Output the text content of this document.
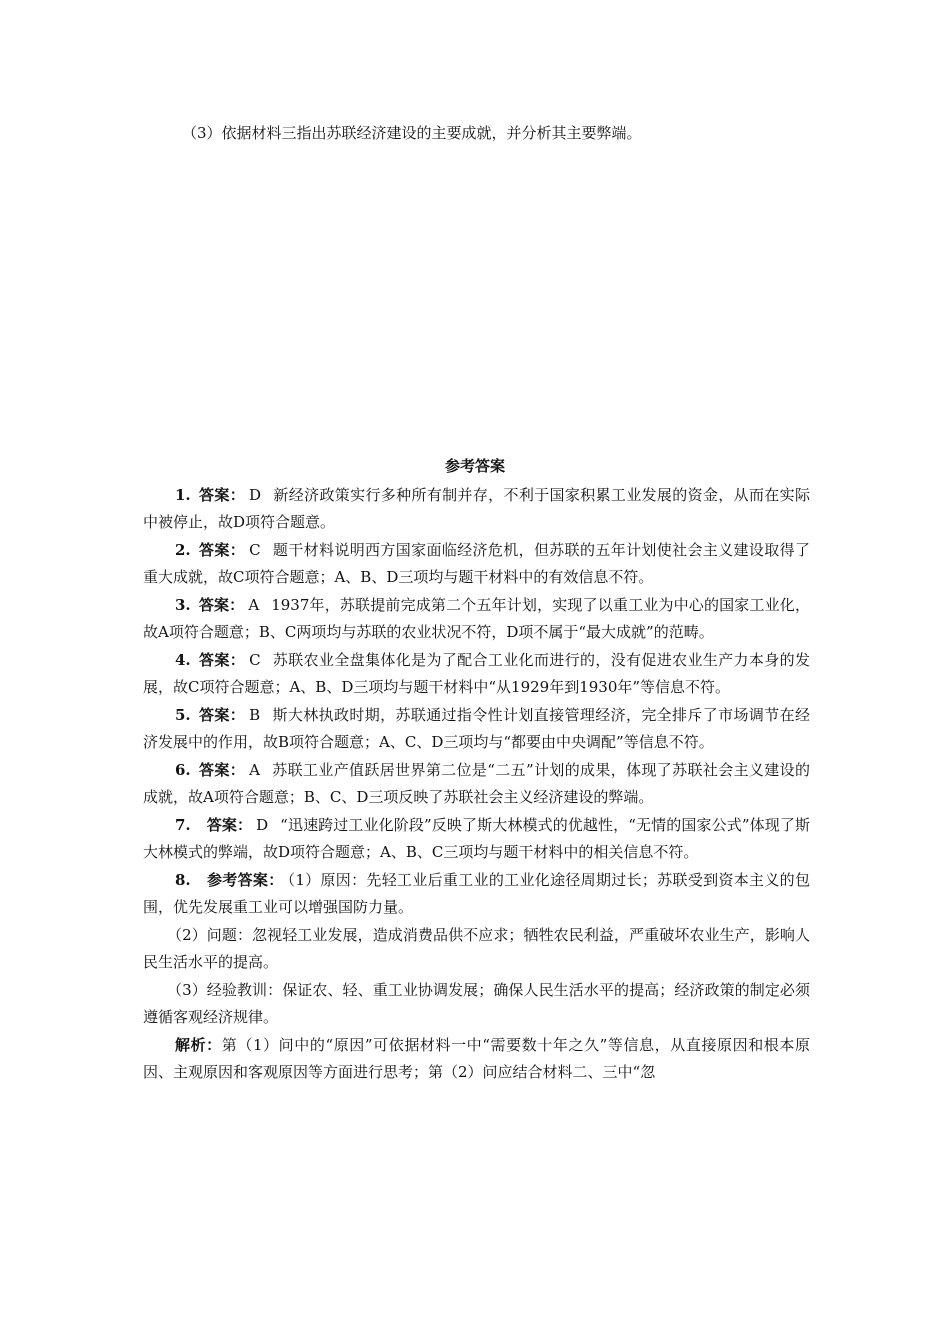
（3）依据材料三指出苏联经济建设的主要成就，并分析其主要弊端。

参考答案

1. 答案： D 新经济政策实行多种所有制并存，不利于国家积累工业发展的资金，从而在实际中被停止，故D项符合题意。

2. 答案： C 题干材料说明西方国家面临经济危机，但苏联的五年计划使社会主义建设取得了重大成就，故C项符合题意；A、B、D三项均与题干材料中的有效信息不符。

3. 答案： A 1937年，苏联提前完成第二个五年计划，实现了以重工业为中心的国家工业化，故A项符合题意；B、C两项均与苏联的农业状况不符，D项不属于“最大成就”的范畴。

4. 答案： C 苏联农业全盘集体化是为了配合工业化而进行的，没有促进农业生产力本身的发展，故C项符合题意；A、B、D三项均与题干材料中“从1929年到1930年”等信息不符。

5. 答案： B 斯大林执政时期，苏联通过指令性计划直接管理经济，完全排斥了市场调节在经济发展中的作用，故B项符合题意；A、C、D三项均与“都要由中央调配”等信息不符。

6. 答案： A 苏联工业产值跃居世界第二位是“二五”计划的成果，体现了苏联社会主义建设的成就，故A项符合题意；B、C、D三项反映了苏联社会主义经济建设的弊端。

7. 答案： D “迅速跨过工业化阶段”反映了斯大林模式的优越性，“无情的国家公式”体现了斯大林模式的弊端，故D项符合题意；A、B、C三项均与题干材料中的相关信息不符。

8. 参考答案： （1）原因：先轻工业后重工业的工业化途径周期过长；苏联受到资本主义的包围，优先发展重工业可以增强国防力量。

（2）问题：忽视轻工业发展，造成消费品供不应求；牺牲农民利益，严重破坏农业生产，影响人民生活水平的提高。

（3）经验教训：保证农、轻、重工业协调发展；确保人民生活水平的提高；经济政策的制定必须遵循客观经济规律。

解析：第（1）问中的“原因”可依据材料一中“需要数十年之久”等信息，从直接原因和根本原因、主观原因和客观原因等方面进行思考；第（2）问应结合材料二、三中“忽
